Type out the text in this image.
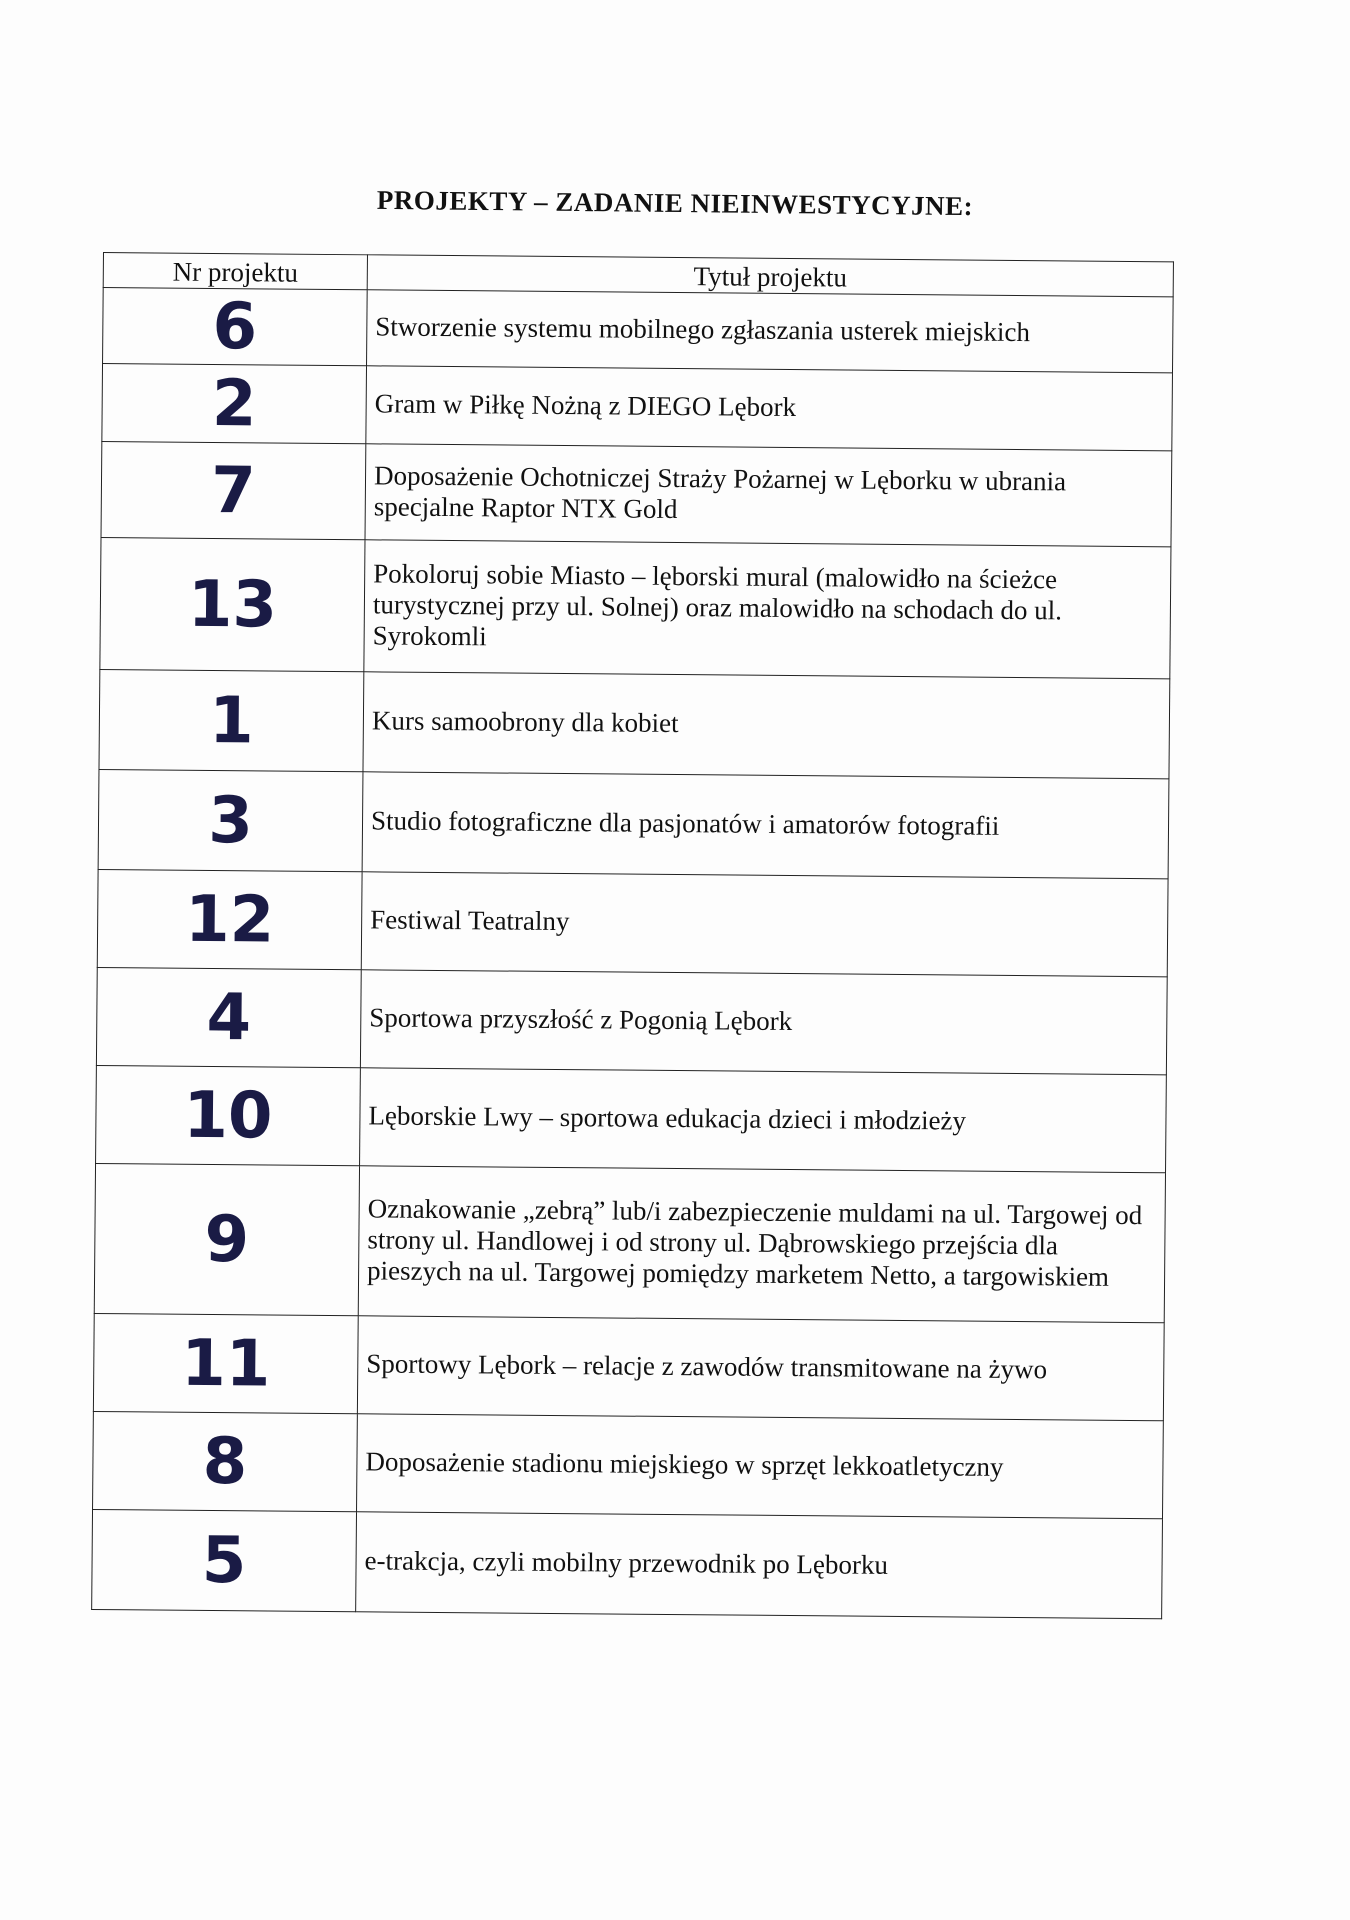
PROJEKTY – ZADANIE NIEINWESTYCYJNE:
Nr projektu	Tytuł projektu
6	Stworzenie systemu mobilnego zgłaszania usterek miejskich
2	Gram w Piłkę Nożną z DIEGO Lębork
7	Doposażenie Ochotniczej Straży Pożarnej w Lęborku w ubrania specjalne Raptor NTX Gold
13	Pokoloruj sobie Miasto – lęborski mural (malowidło na ścieżce turystycznej przy ul. Solnej) oraz malowidło na schodach do ul. Syrokomli
1	Kurs samoobrony dla kobiet
3	Studio fotograficzne dla pasjonatów i amatorów fotografii
12	Festiwal Teatralny
4	Sportowa przyszłość z Pogonią Lębork
10	Lęborskie Lwy – sportowa edukacja dzieci i młodzieży
9	Oznakowanie „zebrą” lub/i zabezpieczenie muldami na ul. Targowej od strony ul. Handlowej i od strony ul. Dąbrowskiego przejścia dla pieszych na ul. Targowej pomiędzy marketem Netto, a targowiskiem
11	Sportowy Lębork – relacje z zawodów transmitowane na żywo
8	Doposażenie stadionu miejskiego w sprzęt lekkoatletyczny
5	e-trakcja, czyli mobilny przewodnik po Lęborku
